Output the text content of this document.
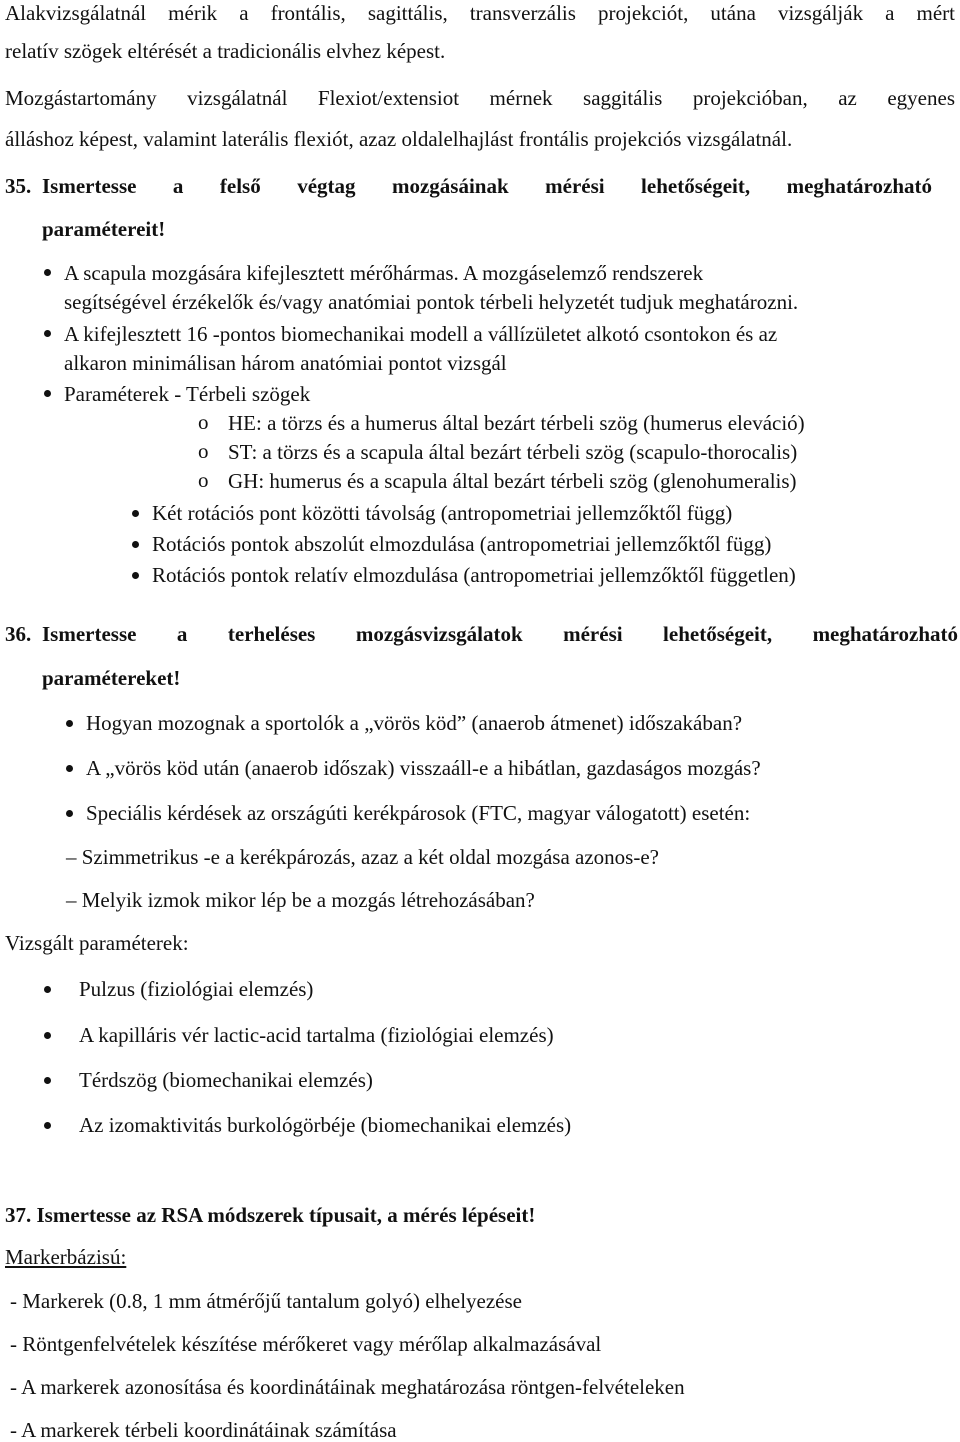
Alakvizsgálatnál mérik a frontális, sagittális, transverzális projekciót, utána vizsgálják a mért
relatív szögek eltérését a tradicionális elvhez képest.
Mozgástartomány vizsgálatnál Flexiot/extensiot mérnek saggitális projekcióban, az egyenes
álláshoz képest, valamint laterális flexiót, azaz oldalelhajlást frontális projekciós vizsgálatnál.
35. Ismertesse a felső végtag mozgásáinak mérési lehetőségeit, meghatározható
paramétereit!
A scapula mozgására kifejlesztett mérőhármas. A mozgáselemző rendszerek
segítségével érzékelők és/vagy anatómiai pontok térbeli helyzetét tudjuk meghatározni.
A kifejlesztett 16 -pontos biomechanikai modell a vállízületet alkotó csontokon és az
alkaron minimálisan három anatómiai pontot vizsgál
Paraméterek - Térbeli szögek
o HE: a törzs és a humerus által bezárt térbeli szög (humerus eleváció)
o ST: a törzs és a scapula által bezárt térbeli szög (scapulo-thorocalis)
o GH: humerus és a scapula által bezárt térbeli szög (glenohumeralis)
Két rotációs pont közötti távolság (antropometriai jellemzőktől függ)
Rotációs pontok abszolút elmozdulása (antropometriai jellemzőktől függ)
Rotációs pontok relatív elmozdulása (antropometriai jellemzőktől független)
36. Ismertesse a terheléses mozgásvizsgálatok mérési lehetőségeit, meghatározható
paramétereket!
Hogyan mozognak a sportolók a „vörös köd” (anaerob átmenet) időszakában?
A „vörös köd után (anaerob időszak) visszaáll-e a hibátlan, gazdaságos mozgás?
Speciális kérdések az országúti kerékpárosok (FTC, magyar válogatott) esetén:
– Szimmetrikus -e a kerékpározás, azaz a két oldal mozgása azonos-e?
– Melyik izmok mikor lép be a mozgás létrehozásában?
Vizsgált paraméterek:
Pulzus (fiziológiai elemzés)
A kapilláris vér lactic-acid tartalma (fiziológiai elemzés)
Térdszög (biomechanikai elemzés)
Az izomaktivitás burkológörbéje (biomechanikai elemzés)
37. Ismertesse az RSA módszerek típusait, a mérés lépéseit!
Markerbázisú:
- Markerek (0.8, 1 mm átmérőjű tantalum golyó) elhelyezése
- Röntgenfelvételek készítése mérőkeret vagy mérőlap alkalmazásával
- A markerek azonosítása és koordinátáinak meghatározása röntgen-felvételeken
- A markerek térbeli koordinátáinak számítása
